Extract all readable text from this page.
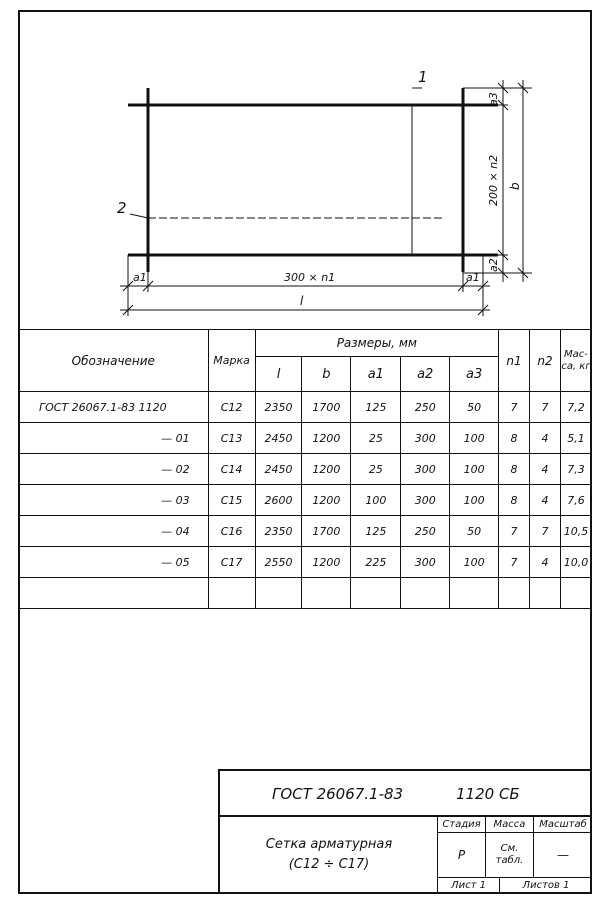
1
2
a1	300 × n1	a1
l
a3
a2
200 × n2 b
Обозначение	Марка	Размеры, мм					n1	n2	Мас- са, кг
		l	b	a1	a2	a3			
ГОСТ 26067.1-83 1120	С12	2350	1700	125	250	50	7	7	7,2
— 01	С13	2450	1200	25	300	100	8	4	5,1
— 02	С14	2450	1200	25	300	100	8	4	7,3
— 03	С15	2600	1200	100	300	100	8	4	7,6
— 04	С16	2350	1700	125	250	50	7	7	10,5
— 05	С17	2550	1200	225	300	100	7	4	10,0

ГОСТ 26067.1-83	1120 СБ
Сетка арматурная
(С12 ÷ С17)
Стадия	Масса	Масштаб
Р	См. табл.	—
Лист 1	Листов 1
